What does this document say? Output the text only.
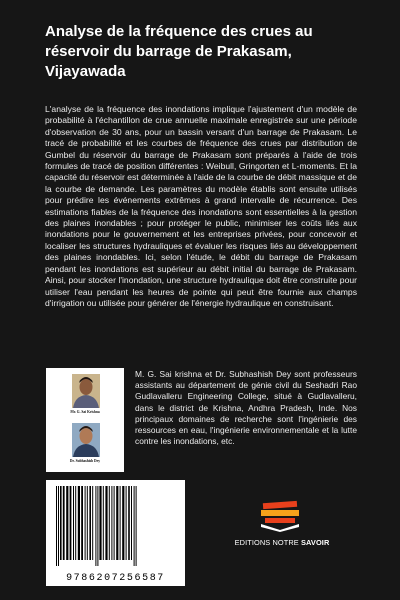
Analyse de la fréquence des crues au réservoir du barrage de Prakasam, Vijayawada

L'analyse de la fréquence des inondations implique l'ajustement d'un modèle de probabilité à l'échantillon de crue annuelle maximale enregistrée sur une période d'observation de 30 ans, pour un bassin versant d'un barrage de Prakasam. Le tracé de probabilité et les courbes de fréquence des crues par distribution de Gumbel du réservoir du barrage de Prakasam sont préparés à l'aide de trois formules de tracé de position différentes : Weibull, Gringorten et L-moments. Et la capacité du réservoir est déterminée à l'aide de la courbe de débit massique et de la courbe de demande. Les paramètres du modèle établis sont ensuite utilisés pour prédire les événements extrêmes à grand intervalle de récurrence. Des estimations fiables de la fréquence des inondations sont essentielles à la gestion des plaines inondables ; pour protéger le public, minimiser les coûts liés aux inondations pour le gouvernement et les entreprises privées, pour concevoir et localiser les structures hydrauliques et évaluer les risques liés au développement des plaines inondables. Ici, selon l'étude, le débit du barrage de Prakasam pendant les inondations est supérieur au débit initial du barrage de Prakasam. Ainsi, pour stocker l'inondation, une structure hydraulique doit être construite pour utiliser l'eau pendant les heures de pointe qui peut être fournie aux champs d'irrigation ou utilisée pour générer de l'énergie hydraulique en construisant.

Mr. G. Sai Krishna
Dr. Subhashish Dey

M. G. Sai krishna et Dr. Subhashish Dey sont professeurs assistants au département de génie civil du Seshadri Rao Gudlavalleru Engineering College, situé à Gudlavalleru, dans le district de Krishna, Andhra Pradesh, Inde. Nos principaux domaines de recherche sont l'ingénierie des ressources en eau, l'ingénierie environnementale et la lutte contre les inondations, etc.

9786207256587
EDITIONS NOTRE SAVOIR
